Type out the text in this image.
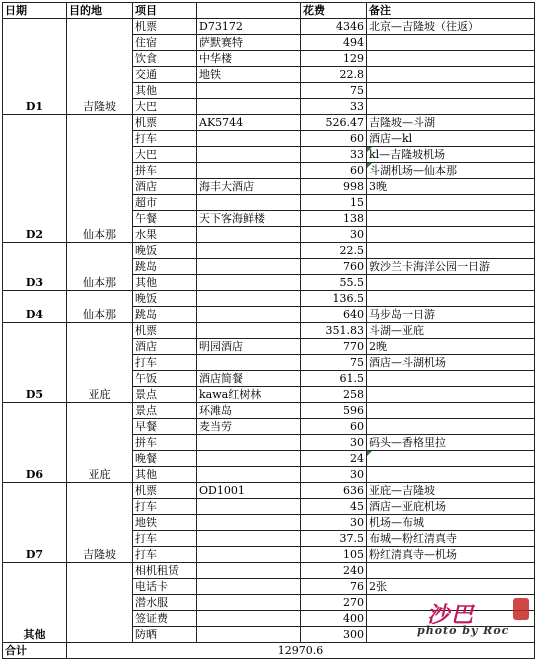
日期	目的地	项目		花费	备注
D1	吉隆坡	机票	D73172	4346	北京—吉隆坡（往返）
		住宿	萨默赛特	494	
		饮食	中华楼	129	
		交通	地铁	22.8	
		其他		75	
		大巴		33	
D2	仙本那	机票	AK5744	526.47	吉隆坡—斗湖
		打车		60	酒店—kl
		大巴		33	kl—吉隆坡机场
		拼车		60	斗湖机场—仙本那
		酒店	海丰大酒店	998	3晚
		超市		15	
		午餐	天下客海鲜楼	138	
		水果		30	
D3	仙本那	晚饭		22.5	
		跳岛		760	敦沙兰卡海洋公园一日游
		其他		55.5	
D4	仙本那	晚饭		136.5	
		跳岛		640	马步岛一日游
D5	亚庇	机票		351.83	斗湖—亚庇
		酒店	明园酒店	770	2晚
		打车		75	酒店—斗湖机场
		午饭	酒店简餐	61.5	
		景点	kawa红树林	258	
D6	亚庇	景点	环滩岛	596	
		早餐	麦当劳	60	
		拼车		30	码头—香格里拉
		晚餐		24	
		其他		30	
D7	吉隆坡	机票	OD1001	636	亚庇—吉隆坡
		打车		45	酒店—亚庇机场
		地铁		30	机场—布城
		打车		37.5	布城—粉红清真寺
		打车		105	粉红清真寺—机场
其他		相机租赁		240	
		电话卡		76	2张
		潜水服		270	
		签证费		400	
		防晒		300	
合计	12970.6				
沙巴
photo by Roc
